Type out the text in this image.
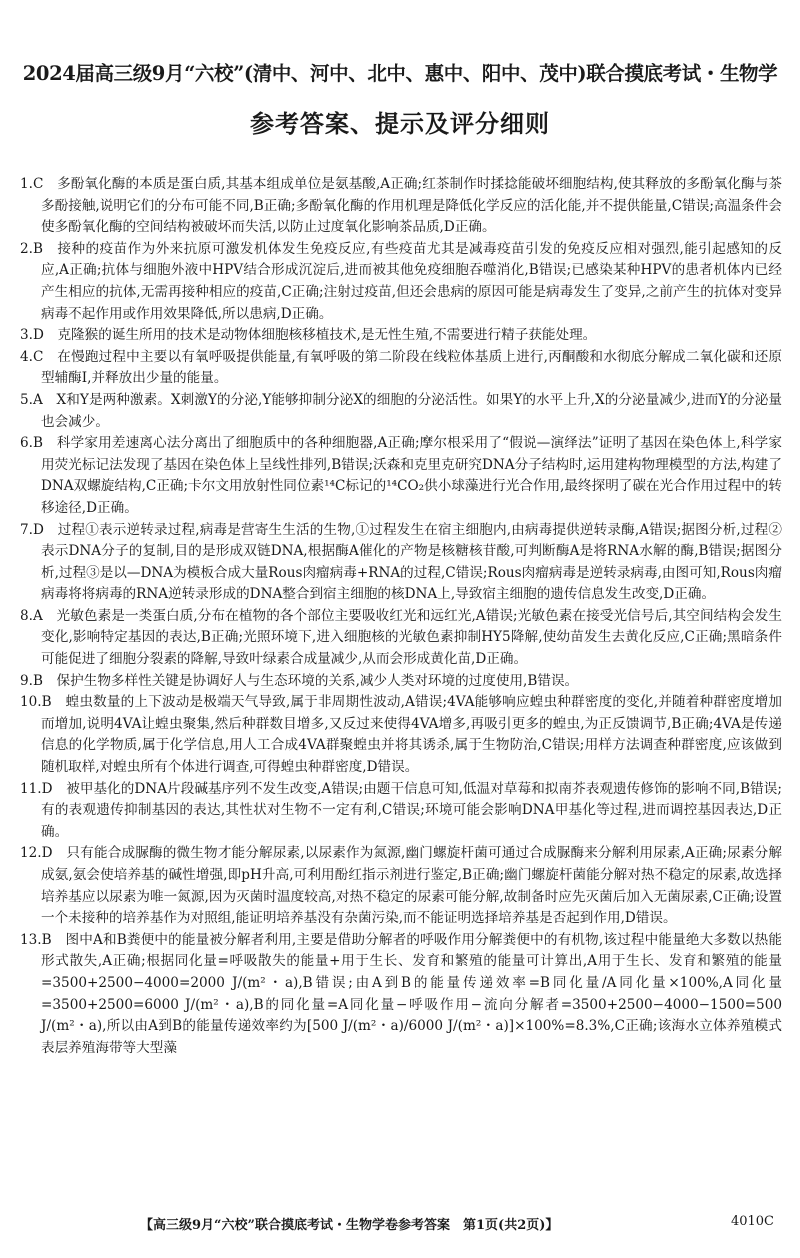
2024届高三级9月“六校”(清中、河中、北中、惠中、阳中、茂中)联合摸底考试・生物学
参考答案、提示及评分细则
1.C　多酚氧化酶的本质是蛋白质,其基本组成单位是氨基酸,A正确;红茶制作时揉捻能破坏细胞结构,使其释放的多酚氧化酶与茶多酚接触,说明它们的分布可能不同,B正确;多酚氧化酶的作用机理是降低化学反应的活化能,并不提供能量,C错误;高温条件会使多酚氧化酶的空间结构被破坏而失活,以防止过度氧化影响茶品质,D正确。
2.B　接种的疫苗作为外来抗原可激发机体发生免疫反应,有些疫苗尤其是减毒疫苗引发的免疫反应相对强烈,能引起感知的反应,A正确;抗体与细胞外液中HPV结合形成沉淀后,进而被其他免疫细胞吞噬消化,B错误;已感染某种HPV的患者机体内已经产生相应的抗体,无需再接种相应的疫苗,C正确;注射过疫苗,但还会患病的原因可能是病毒发生了变异,之前产生的抗体对变异病毒不起作用或作用效果降低,所以患病,D正确。
3.D　克隆猴的诞生所用的技术是动物体细胞核移植技术,是无性生殖,不需要进行精子获能处理。
4.C　在慢跑过程中主要以有氧呼吸提供能量,有氧呼吸的第二阶段在线粒体基质上进行,丙酮酸和水彻底分解成二氧化碳和还原型辅酶Ⅰ,并释放出少量的能量。
5.A　X和Y是两种激素。X刺激Y的分泌,Y能够抑制分泌X的细胞的分泌活性。如果Y的水平上升,X的分泌量减少,进而Y的分泌量也会减少。
6.B　科学家用差速离心法分离出了细胞质中的各种细胞器,A正确;摩尔根采用了“假说—演绎法”证明了基因在染色体上,科学家用荧光标记法发现了基因在染色体上呈线性排列,B错误;沃森和克里克研究DNA分子结构时,运用建构物理模型的方法,构建了DNA双螺旋结构,C正确;卡尔文用放射性同位素¹⁴C标记的¹⁴CO₂供小球藻进行光合作用,最终探明了碳在光合作用过程中的转移途径,D正确。
7.D　过程①表示逆转录过程,病毒是营寄生生活的生物,①过程发生在宿主细胞内,由病毒提供逆转录酶,A错误;据图分析,过程②表示DNA分子的复制,目的是形成双链DNA,根据酶A催化的产物是核糖核苷酸,可判断酶A是将RNA水解的酶,B错误;据图分析,过程③是以—DNA为模板合成大量Rous肉瘤病毒+RNA的过程,C错误;Rous肉瘤病毒是逆转录病毒,由图可知,Rous肉瘤病毒将将病毒的RNA逆转录形成的DNA整合到宿主细胞的核DNA上,导致宿主细胞的遗传信息发生改变,D正确。
8.A　光敏色素是一类蛋白质,分布在植物的各个部位主要吸收红光和远红光,A错误;光敏色素在接受光信号后,其空间结构会发生变化,影响特定基因的表达,B正确;光照环境下,进入细胞核的光敏色素抑制HY5降解,使幼苗发生去黄化反应,C正确;黑暗条件可能促进了细胞分裂素的降解,导致叶绿素合成量减少,从而会形成黄化苗,D正确。
9.B　保护生物多样性关键是协调好人与生态环境的关系,减少人类对环境的过度使用,B错误。
10.B　蝗虫数量的上下波动是极端天气导致,属于非周期性波动,A错误;4VA能够响应蝗虫种群密度的变化,并随着种群密度增加而增加,说明4VA让蝗虫聚集,然后种群数目增多,又反过来使得4VA增多,再吸引更多的蝗虫,为正反馈调节,B正确;4VA是传递信息的化学物质,属于化学信息,用人工合成4VA群聚蝗虫并将其诱杀,属于生物防治,C错误;用样方法调查种群密度,应该做到随机取样,对蝗虫所有个体进行调查,可得蝗虫种群密度,D错误。
11.D　被甲基化的DNA片段碱基序列不发生改变,A错误;由题干信息可知,低温对草莓和拟南芥表观遗传修饰的影响不同,B错误;有的表观遗传抑制基因的表达,其性状对生物不一定有利,C错误;环境可能会影响DNA甲基化等过程,进而调控基因表达,D正确。
12.D　只有能合成脲酶的微生物才能分解尿素,以尿素作为氮源,幽门螺旋杆菌可通过合成脲酶来分解利用尿素,A正确;尿素分解成氨,氨会使培养基的碱性增强,即pH升高,可利用酚红指示剂进行鉴定,B正确;幽门螺旋杆菌能分解对热不稳定的尿素,故选择培养基应以尿素为唯一氮源,因为灭菌时温度较高,对热不稳定的尿素可能分解,故制备时应先灭菌后加入无菌尿素,C正确;设置一个未接种的培养基作为对照组,能证明培养基没有杂菌污染,而不能证明选择培养基是否起到作用,D错误。
13.B　图中A和B粪便中的能量被分解者利用,主要是借助分解者的呼吸作用分解粪便中的有机物,该过程中能量绝大多数以热能形式散失,A正确;根据同化量=呼吸散失的能量+用于生长、发育和繁殖的能量可计算出,A用于生长、发育和繁殖的能量=3500+2500−4000=2000 J/(m²・a),B错误;由A到B的能量传递效率=B同化量/A同化量×100%,A同化量=3500+2500=6000 J/(m²・a),B的同化量=A同化量−呼吸作用−流向分解者=3500+2500−4000−1500=500 J/(m²・a),所以由A到B的能量传递效率约为[500 J/(m²・a)/6000 J/(m²・a)]×100%=8.3%,C正确;该海水立体养殖模式表层养殖海带等大型藻
【高三级9月“六校”联合摸底考试・生物学卷参考答案　第1页(共2页)】	4010C
